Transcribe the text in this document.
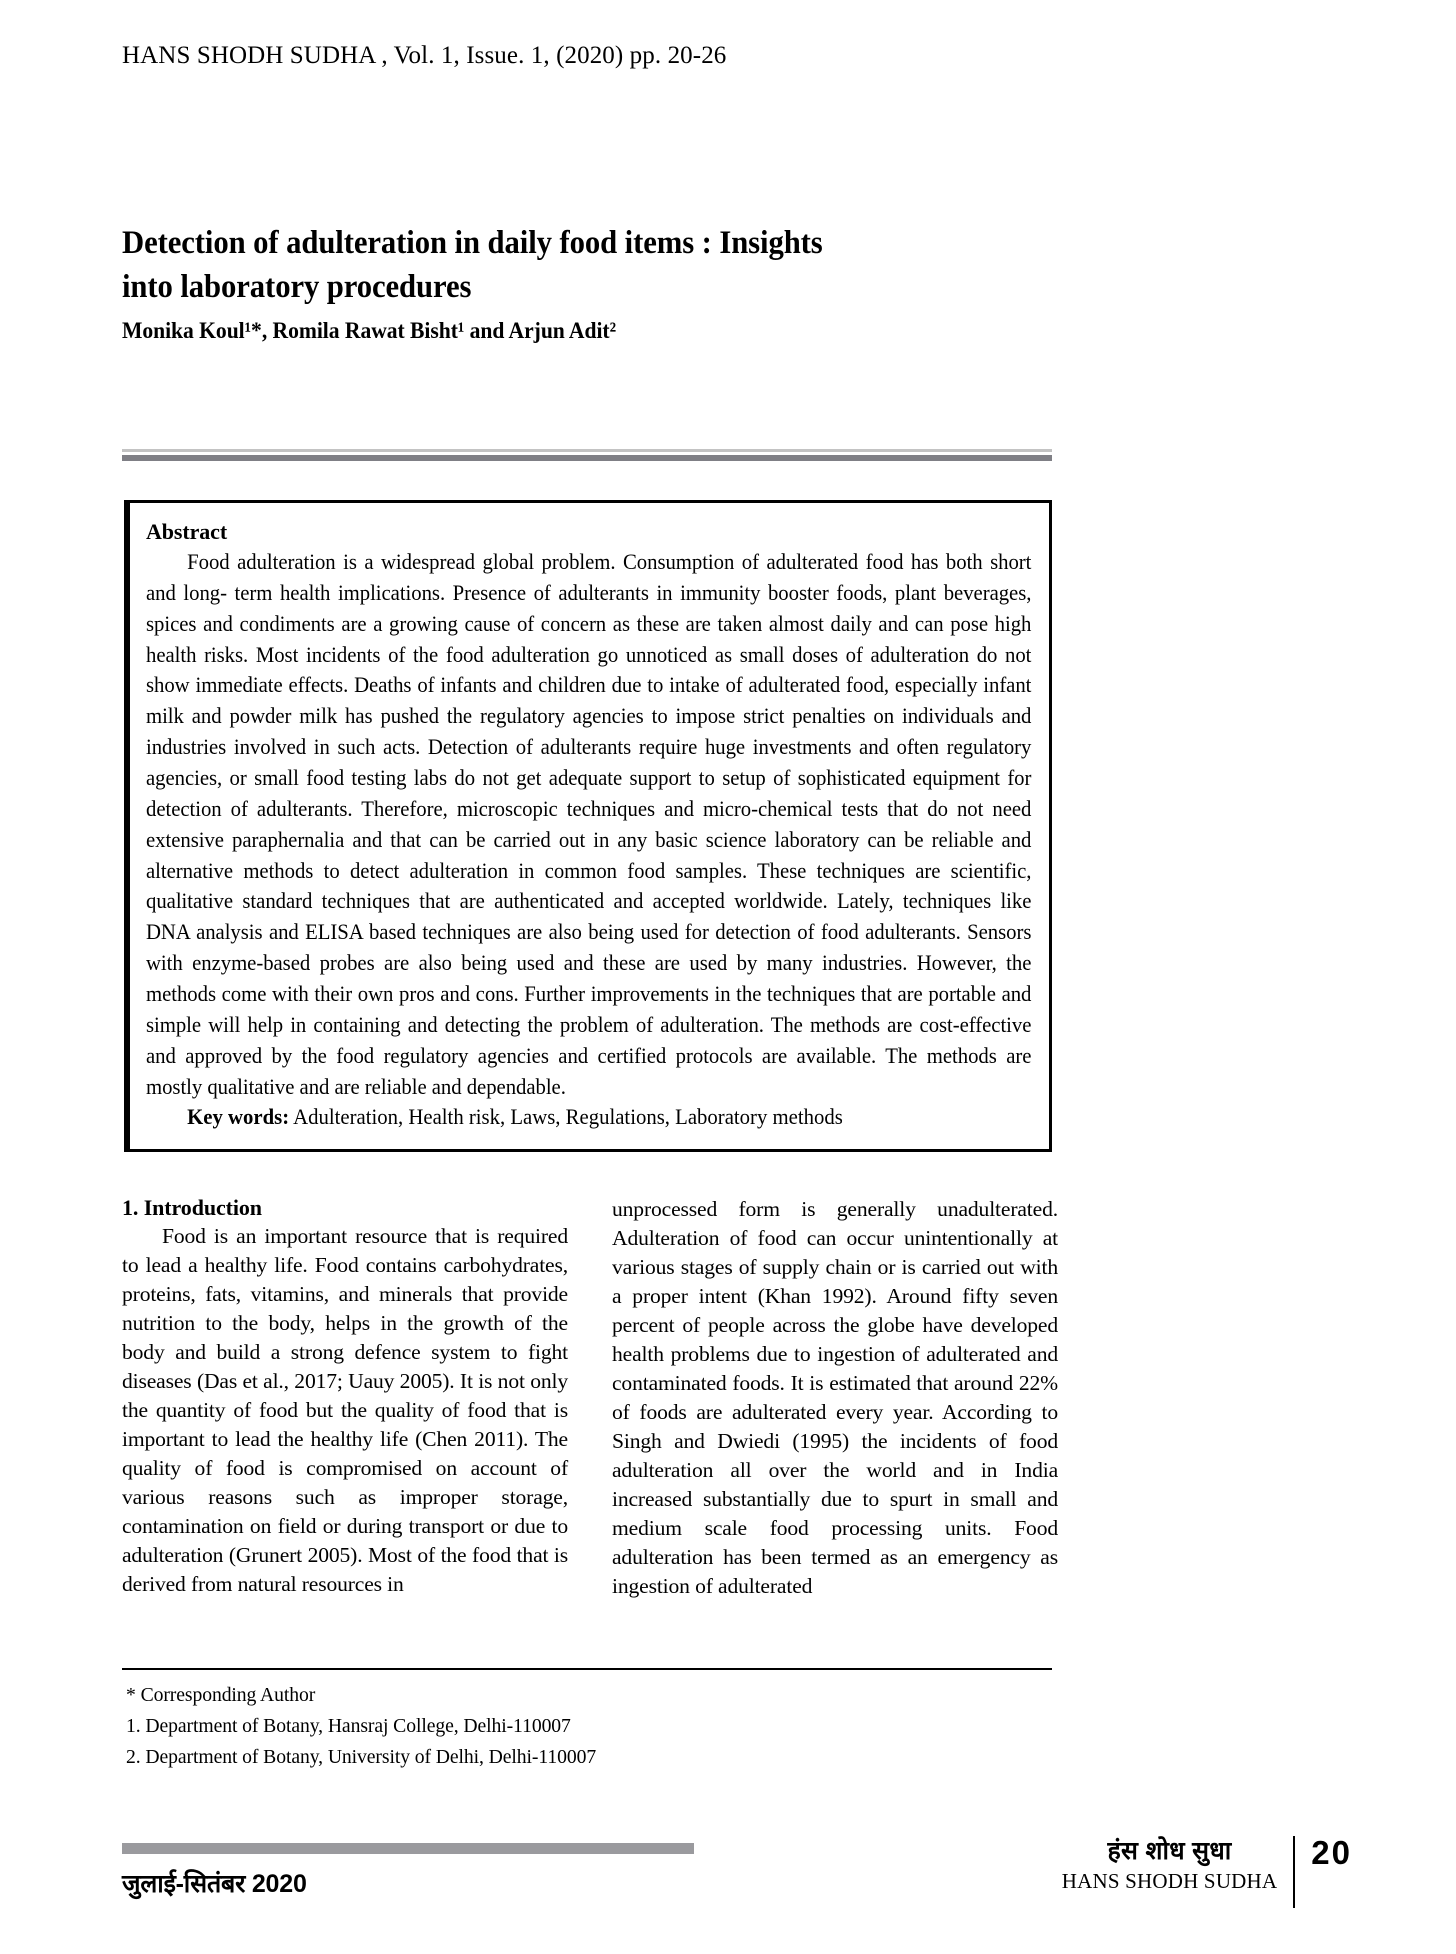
HANS SHODH SUDHA , Vol. 1, Issue. 1, (2020) pp. 20-26
Detection of adulteration in daily food items : Insights
into laboratory procedures
Monika Koul¹*, Romila Rawat Bisht¹ and Arjun Adit²
Abstract

Food adulteration is a widespread global problem. Consumption of adulterated food has both short and long- term health implications. Presence of adulterants in immunity booster foods, plant beverages, spices and condiments are a growing cause of concern as these are taken almost daily and can pose high health risks. Most incidents of the food adulteration go unnoticed as small doses of adulteration do not show immediate effects. Deaths of infants and children due to intake of adulterated food, especially infant milk and powder milk has pushed the regulatory agencies to impose strict penalties on individuals and industries involved in such acts. Detection of adulterants require huge investments and often regulatory agencies, or small food testing labs do not get adequate support to setup of sophisticated equipment for detection of adulterants. Therefore, microscopic techniques and micro-chemical tests that do not need extensive paraphernalia and that can be carried out in any basic science laboratory can be reliable and alternative methods to detect adulteration in common food samples. These techniques are scientific, qualitative standard techniques that are authenticated and accepted worldwide. Lately, techniques like DNA analysis and ELISA based techniques are also being used for detection of food adulterants. Sensors with enzyme-based probes are also being used and these are used by many industries. However, the methods come with their own pros and cons. Further improvements in the techniques that are portable and simple will help in containing and detecting the problem of adulteration. The methods are cost-effective and approved by the food regulatory agencies and certified protocols are available. The methods are mostly qualitative and are reliable and dependable.

Key words: Adulteration, Health risk, Laws, Regulations, Laboratory methods

1. Introduction

Food is an important resource that is required to lead a healthy life. Food contains carbohydrates, proteins, fats, vitamins, and minerals that provide nutrition to the body, helps in the growth of the body and build a strong defence system to fight diseases (Das et al., 2017; Uauy 2005). It is not only the quantity of food but the quality of food that is important to lead the healthy life (Chen 2011). The quality of food is compromised on account of various reasons such as improper storage, contamination on field or during transport or due to adulteration (Grunert 2005). Most of the food that is derived from natural resources in

unprocessed form is generally unadulterated. Adulteration of food can occur unintentionally at various stages of supply chain or is carried out with a proper intent (Khan 1992). Around fifty seven percent of people across the globe have developed health problems due to ingestion of adulterated and contaminated foods. It is estimated that around 22% of foods are adulterated every year. According to Singh and Dwiedi (1995) the incidents of food adulteration all over the world and in India increased substantially due to spurt in small and medium scale food processing units. Food adulteration has been termed as an emergency as ingestion of adulterated

* Corresponding Author
1. Department of Botany, Hansraj College, Delhi-110007
2. Department of Botany, University of Delhi, Delhi-110007
जुलाई-सितंबर 2020
हंस शोध सुधा
HANS SHODH SUDHA
20
